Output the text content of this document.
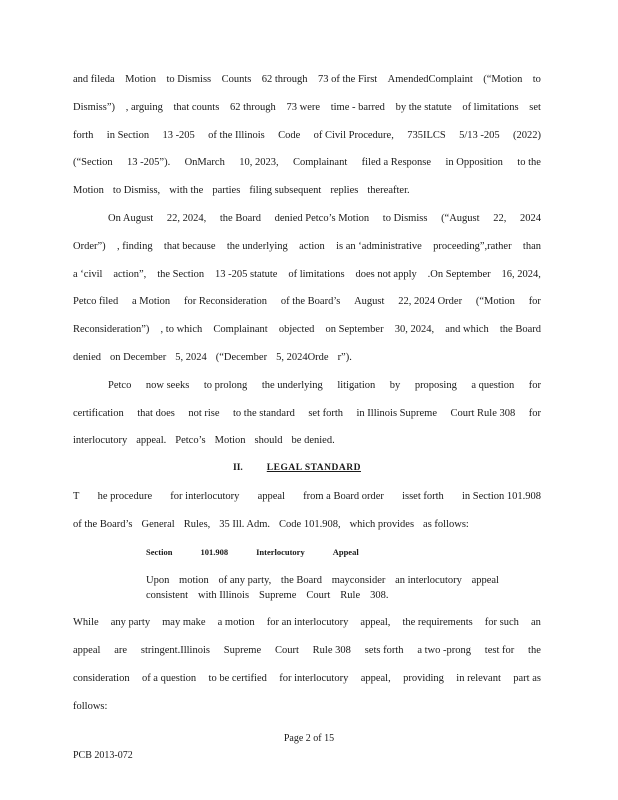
and fileda Motion to Dismiss Counts 62 through 73 of the First AmendedComplaint (“Motion to
Dismiss”) , arguing that counts 62 through 73 were time - barred by the statute of limitations set
forth in Section 13 -205 of the Illinois Code of Civil Procedure, 735ILCS 5/13 -205 (2022)
(“Section 13 -205”). OnMarch 10, 2023, Complainant filed a Response in Opposition to the
Motion to Dismiss, with the parties filing subsequent replies thereafter.
On August 22, 2024, the Board denied Petco’s Motion to Dismiss (“August 22, 2024
Order”) , finding that because the underlying action is an ‘administrative proceeding”,rather than
a ‘civil action”, the Section 13 -205 statute of limitations does not apply .On September 16, 2024,
Petco filed a Motion for Reconsideration of the Board’s August 22, 2024 Order (“Motion for
Reconsideration”) , to which Complainant objected on September 30, 2024, and which the Board
denied on December 5, 2024 (“December 5, 2024Orde r”).
Petco now seeks to prolong the underlying litigation by proposing a question for
certification that does not rise to the standard set forth in Illinois Supreme Court Rule 308 for
interlocutory appeal. Petco’s Motion should be denied.
II.	LEGAL STANDARD
T he procedure for interlocutory appeal from a Board order isset forth in Section 101.908
of the Board’s General Rules, 35 Ill. Adm. Code 101.908, which provides as follows:
Section	101.908	Interlocutory	Appeal
Upon motion of any party, the Board mayconsider an interlocutory appeal
consistent with Illinois Supreme Court Rule 308.
While any party may make a motion for an interlocutory appeal, the requirements for such an
appeal are stringent.Illinois Supreme Court Rule 308 sets forth a two -prong test for the
consideration of a question to be certified for interlocutory appeal, providing in relevant part as
follows:
Page 2 of 15
PCB 2013-072
